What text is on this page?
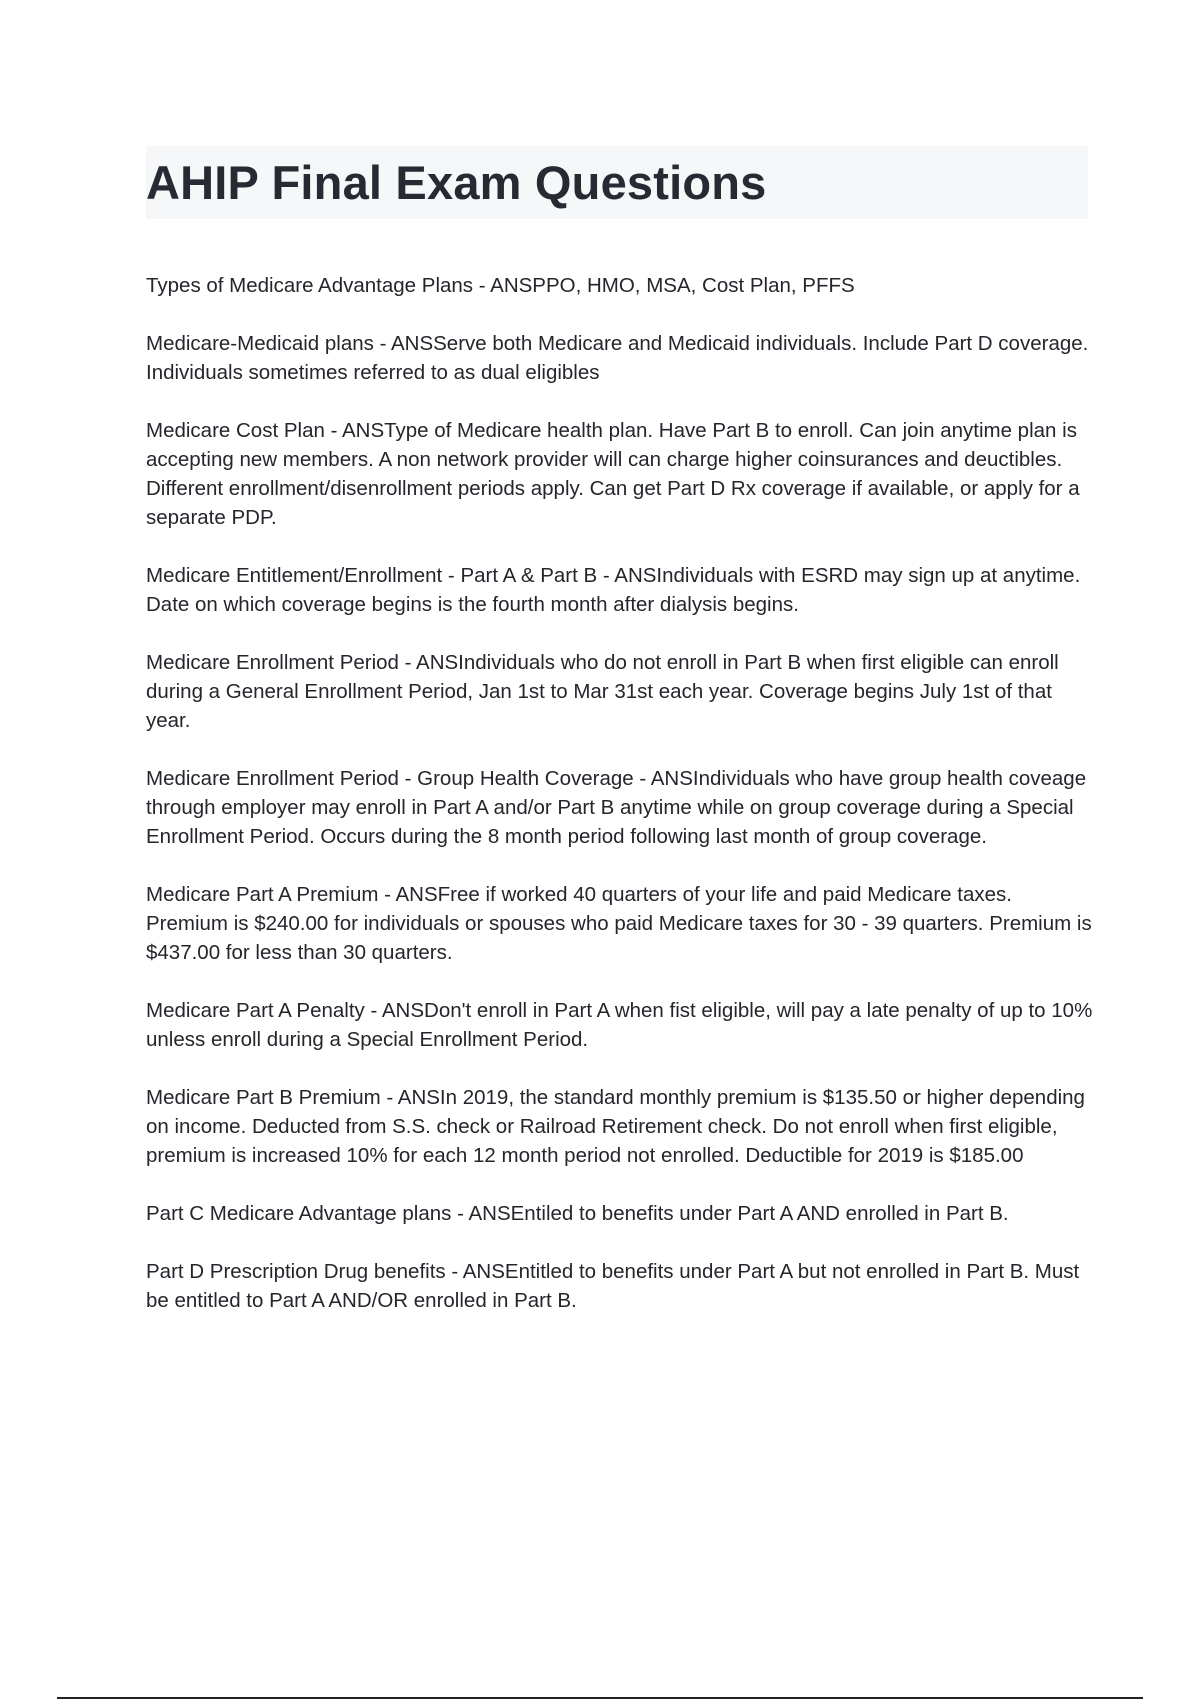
AHIP Final Exam Questions
Types of Medicare Advantage Plans - ANSPPO, HMO, MSA, Cost Plan, PFFS
Medicare-Medicaid plans - ANSServe both Medicare and Medicaid individuals. Include Part D coverage. Individuals sometimes referred to as dual eligibles
Medicare Cost Plan - ANSType of Medicare health plan. Have Part B to enroll. Can join anytime plan is accepting new members. A non network provider will can charge higher coinsurances and deuctibles. Different enrollment/disenrollment periods apply. Can get Part D Rx coverage if available, or apply for a separate PDP.
Medicare Entitlement/Enrollment - Part A & Part B - ANSIndividuals with ESRD may sign up at anytime. Date on which coverage begins is the fourth month after dialysis begins.
Medicare Enrollment Period - ANSIndividuals who do not enroll in Part B when first eligible can enroll during a General Enrollment Period, Jan 1st to Mar 31st each year. Coverage begins July 1st of that year.
Medicare Enrollment Period - Group Health Coverage - ANSIndividuals who have group health coveage through employer may enroll in Part A and/or Part B anytime while on group coverage during a Special Enrollment Period. Occurs during the 8 month period following last month of group coverage.
Medicare Part A Premium - ANSFree if worked 40 quarters of your life and paid Medicare taxes. Premium is $240.00 for individuals or spouses who paid Medicare taxes for 30 - 39 quarters. Premium is $437.00 for less than 30 quarters.
Medicare Part A Penalty - ANSDon't enroll in Part A when fist eligible, will pay a late penalty of up to 10% unless enroll during a Special Enrollment Period.
Medicare Part B Premium - ANSIn 2019, the standard monthly premium is $135.50 or higher depending on income. Deducted from S.S. check or Railroad Retirement check. Do not enroll when first eligible, premium is increased 10% for each 12 month period not enrolled. Deductible for 2019 is $185.00
Part C Medicare Advantage plans - ANSEntiled to benefits under Part A AND enrolled in Part B.
Part D Prescription Drug benefits - ANSEntitled to benefits under Part A but not enrolled in Part B. Must be entitled to Part A AND/OR enrolled in Part B.
